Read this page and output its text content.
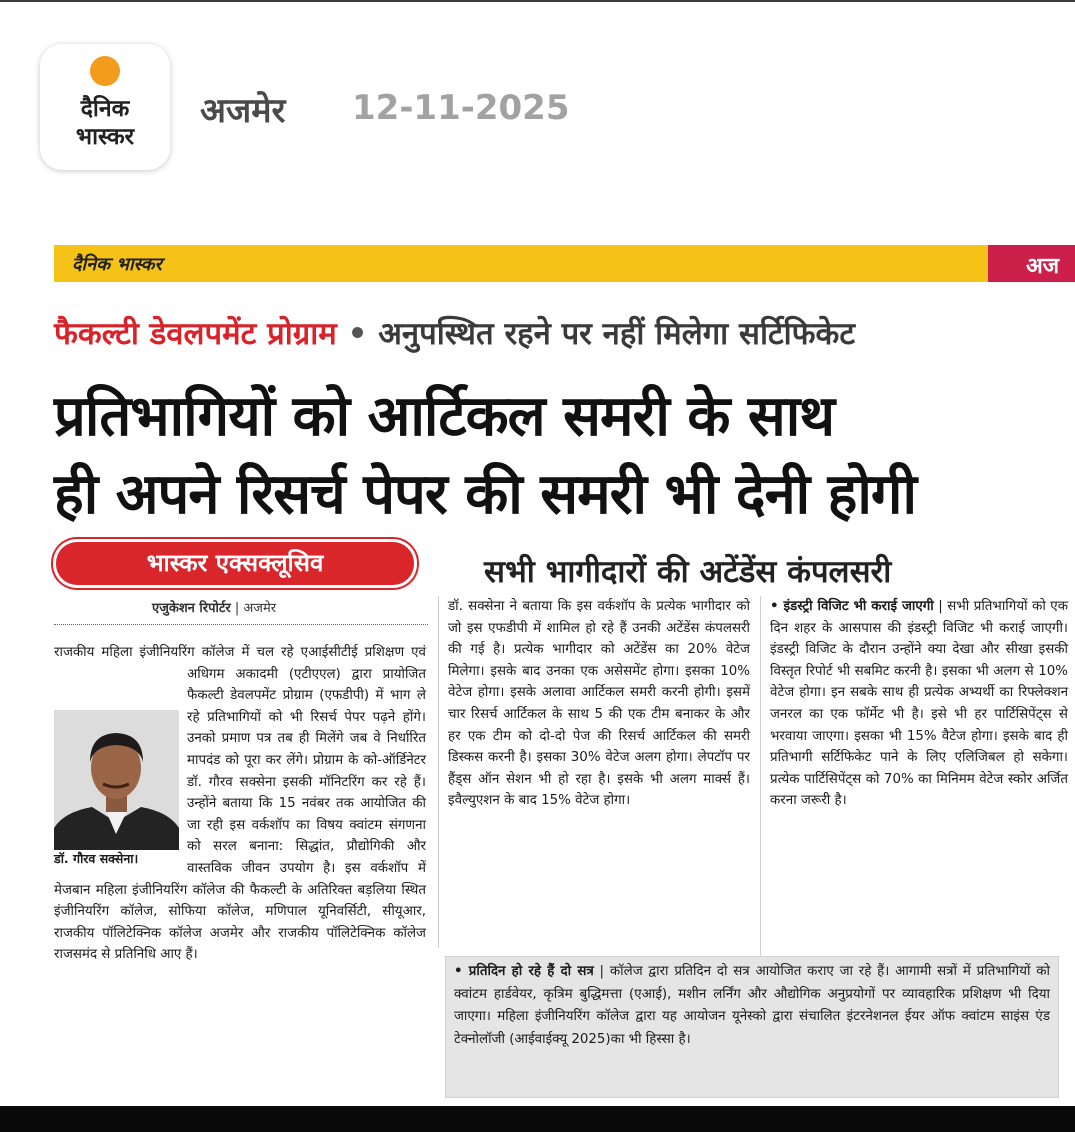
दैनिक
भास्कर
अजमेर 12-11-2025
दैनिक भास्कर	अज
फैकल्टी डेवलपमेंट प्रोग्राम • अनुपस्थित रहने पर नहीं मिलेगा सर्टिफिकेट
प्रतिभागियों को आर्टिकल समरी के साथ
ही अपने रिसर्च पेपर की समरी भी देनी होगी
भास्कर एक्सक्लूसिव	सभी भागीदारों की अटेंडेंस कंपलसरी
एजुकेशन रिपोर्टर | अजमेर
राजकीय महिला इंजीनियरिंग कॉलेज में चल रहे एआईसीटीई प्रशिक्षण एवं अधिगम अकादमी
डॉ. गौरव सक्सेना।
(एटीएएल) द्वारा प्रायोजित फैकल्टी डेवलपमेंट प्रोग्राम (एफडीपी) में भाग ले रहे प्रतिभागियों को भी रिसर्च पेपर पढ़ने होंगे। उनको प्रमाण पत्र तब ही मिलेंगे जब वे निर्धारित मापदंड को पूरा कर लेंगे। प्रोग्राम के को-ऑर्डिनेटर डॉ. गौरव सक्सेना इसकी मॉनिटरिंग कर रहे हैं। उन्होंने बताया कि 15 नवंबर तक आयोजित की जा रही इस वर्कशॉप का विषय क्वांटम संगणना को सरल बनाना: सिद्धांत, प्रौद्योगिकी और वास्तविक जीवन उपयोग है। इस वर्कशॉप में मेजबान महिला इंजीनियरिंग कॉलेज की फैकल्टी के अतिरिक्त बड़लिया स्थित इंजीनियरिंग कॉलेज, सोफिया कॉलेज, मणिपाल यूनिवर्सिटी, सीयूआर, राजकीय पॉलिटेक्निक कॉलेज अजमेर और राजकीय पॉलिटेक्निक कॉलेज राजसमंद से प्रतिनिधि आए हैं।
डॉ. सक्सेना ने बताया कि इस वर्कशॉप के प्रत्येक भागीदार को जो इस एफडीपी में शामिल हो रहे हैं उनकी अटेंडेंस कंपलसरी की गई है। प्रत्येक भागीदार को अटेंडेंस का 20% वेटेज मिलेगा। इसके बाद उनका एक असेसमेंट होगा। इसका 10% वेटेज होगा। इसके अलावा आर्टिकल समरी करनी होगी। इसमें चार रिसर्च आर्टिकल के साथ 5 की एक टीम बनाकर के और हर एक टीम को दो-दो पेज की रिसर्च आर्टिकल की समरी डिस्कस करनी है। इसका 30% वेटेज अलग होगा। लेपटॉप पर हैंड्स ऑन सेशन भी हो रहा है। इसके भी अलग मार्क्स हैं। इवैल्युएशन के बाद 15% वेटेज होगा।
• इंडस्ट्री विजिट भी कराई जाएगी | सभी प्रतिभागियों को एक दिन शहर के आसपास की इंडस्ट्री विजिट भी कराई जाएगी। इंडस्ट्री विजिट के दौरान उन्होंने क्या देखा और सीखा इसकी विस्तृत रिपोर्ट भी सबमिट करनी है। इसका भी अलग से 10% वेटेज होगा। इन सबके साथ ही प्रत्येक अभ्यर्थी का रिफ्लेक्शन जनरल का एक फॉर्मेट भी है। इसे भी हर पार्टिसिपेंट्स से भरवाया जाएगा। इसका भी 15% वैटेज होगा। इसके बाद ही प्रतिभागी सर्टिफिकेट पाने के लिए एलिजिबल हो सकेगा। प्रत्येक पार्टिसिपेंट्स को 70% का मिनिमम वेटेज स्कोर अर्जित करना जरूरी है।
• प्रतिदिन हो रहे हैं दो सत्र | कॉलेज द्वारा प्रतिदिन दो सत्र आयोजित कराए जा रहे हैं। आगामी सत्रों में प्रतिभागियों को क्वांटम हार्डवेयर, कृत्रिम बुद्धिमत्ता (एआई), मशीन लर्निंग और औद्योगिक अनुप्रयोगों पर व्यावहारिक प्रशिक्षण भी दिया जाएगा। महिला इंजीनियरिंग कॉलेज द्वारा यह आयोजन यूनेस्को द्वारा संचालित इंटरनेशनल ईयर ऑफ क्वांटम साइंस एंड टेक्नोलॉजी (आईवाईक्यू 2025)का भी हिस्सा है।
